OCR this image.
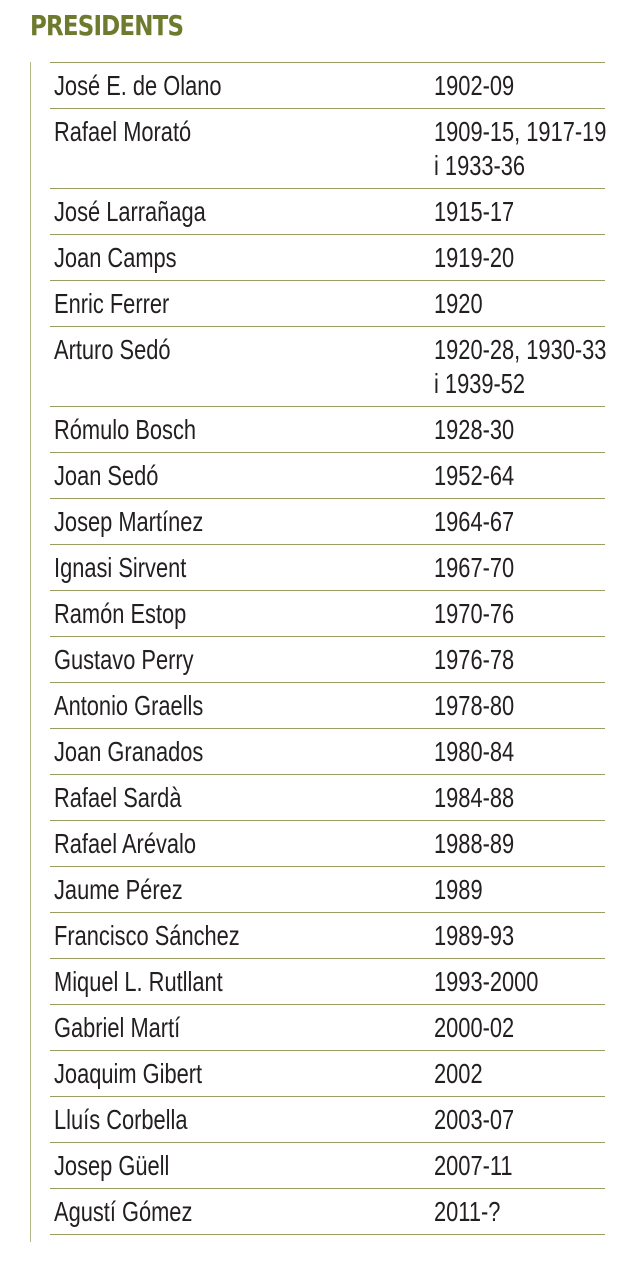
PRESIDENTS
José E. de Olano	1902-09
Rafael Morató	1909-15, 1917-19
i 1933-36
José Larrañaga	1915-17
Joan Camps	1919-20
Enric Ferrer	1920
Arturo Sedó	1920-28, 1930-33
i 1939-52
Rómulo Bosch	1928-30
Joan Sedó	1952-64
Josep Martínez	1964-67
Ignasi Sirvent	1967-70
Ramón Estop	1970-76
Gustavo Perry	1976-78
Antonio Graells	1978-80
Joan Granados	1980-84
Rafael Sardà	1984-88
Rafael Arévalo	1988-89
Jaume Pérez	1989
Francisco Sánchez	1989-93
Miquel L. Rutllant	1993-2000
Gabriel Martí	2000-02
Joaquim Gibert	2002
Lluís Corbella	2003-07
Josep Güell	2007-11
Agustí Gómez	2011-?
